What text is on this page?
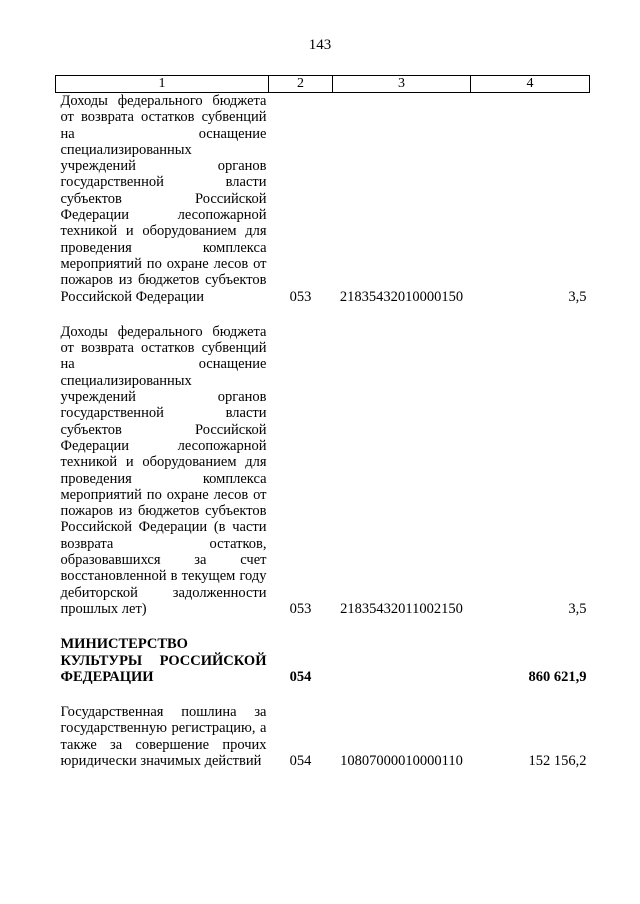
143
1	2	3	4

Доходы федерального бюджета от возврата остатков субвенций на оснащение специализированных учреждений органов государственной власти субъектов Российской Федерации лесопожарной техникой и оборудованием для проведения комплекса мероприятий по охране лесов от пожаров из бюджетов субъектов Российской Федерации	053	21835432010000150	3,5

Доходы федерального бюджета от возврата остатков субвенций на оснащение специализированных учреждений органов государственной власти субъектов Российской Федерации лесопожарной техникой и оборудованием для проведения комплекса мероприятий по охране лесов от пожаров из бюджетов субъектов Российской Федерации (в части возврата остатков, образовавшихся за счет восстановленной в текущем году дебиторской задолженности прошлых лет)	053	21835432011002150	3,5

МИНИСТЕРСТВО КУЛЬТУРЫ РОССИЙСКОЙ ФЕДЕРАЦИИ	054		860 621,9

Государственная пошлина за государственную регистрацию, а также за совершение прочих юридически значимых действий	054	10807000010000110	152 156,2
